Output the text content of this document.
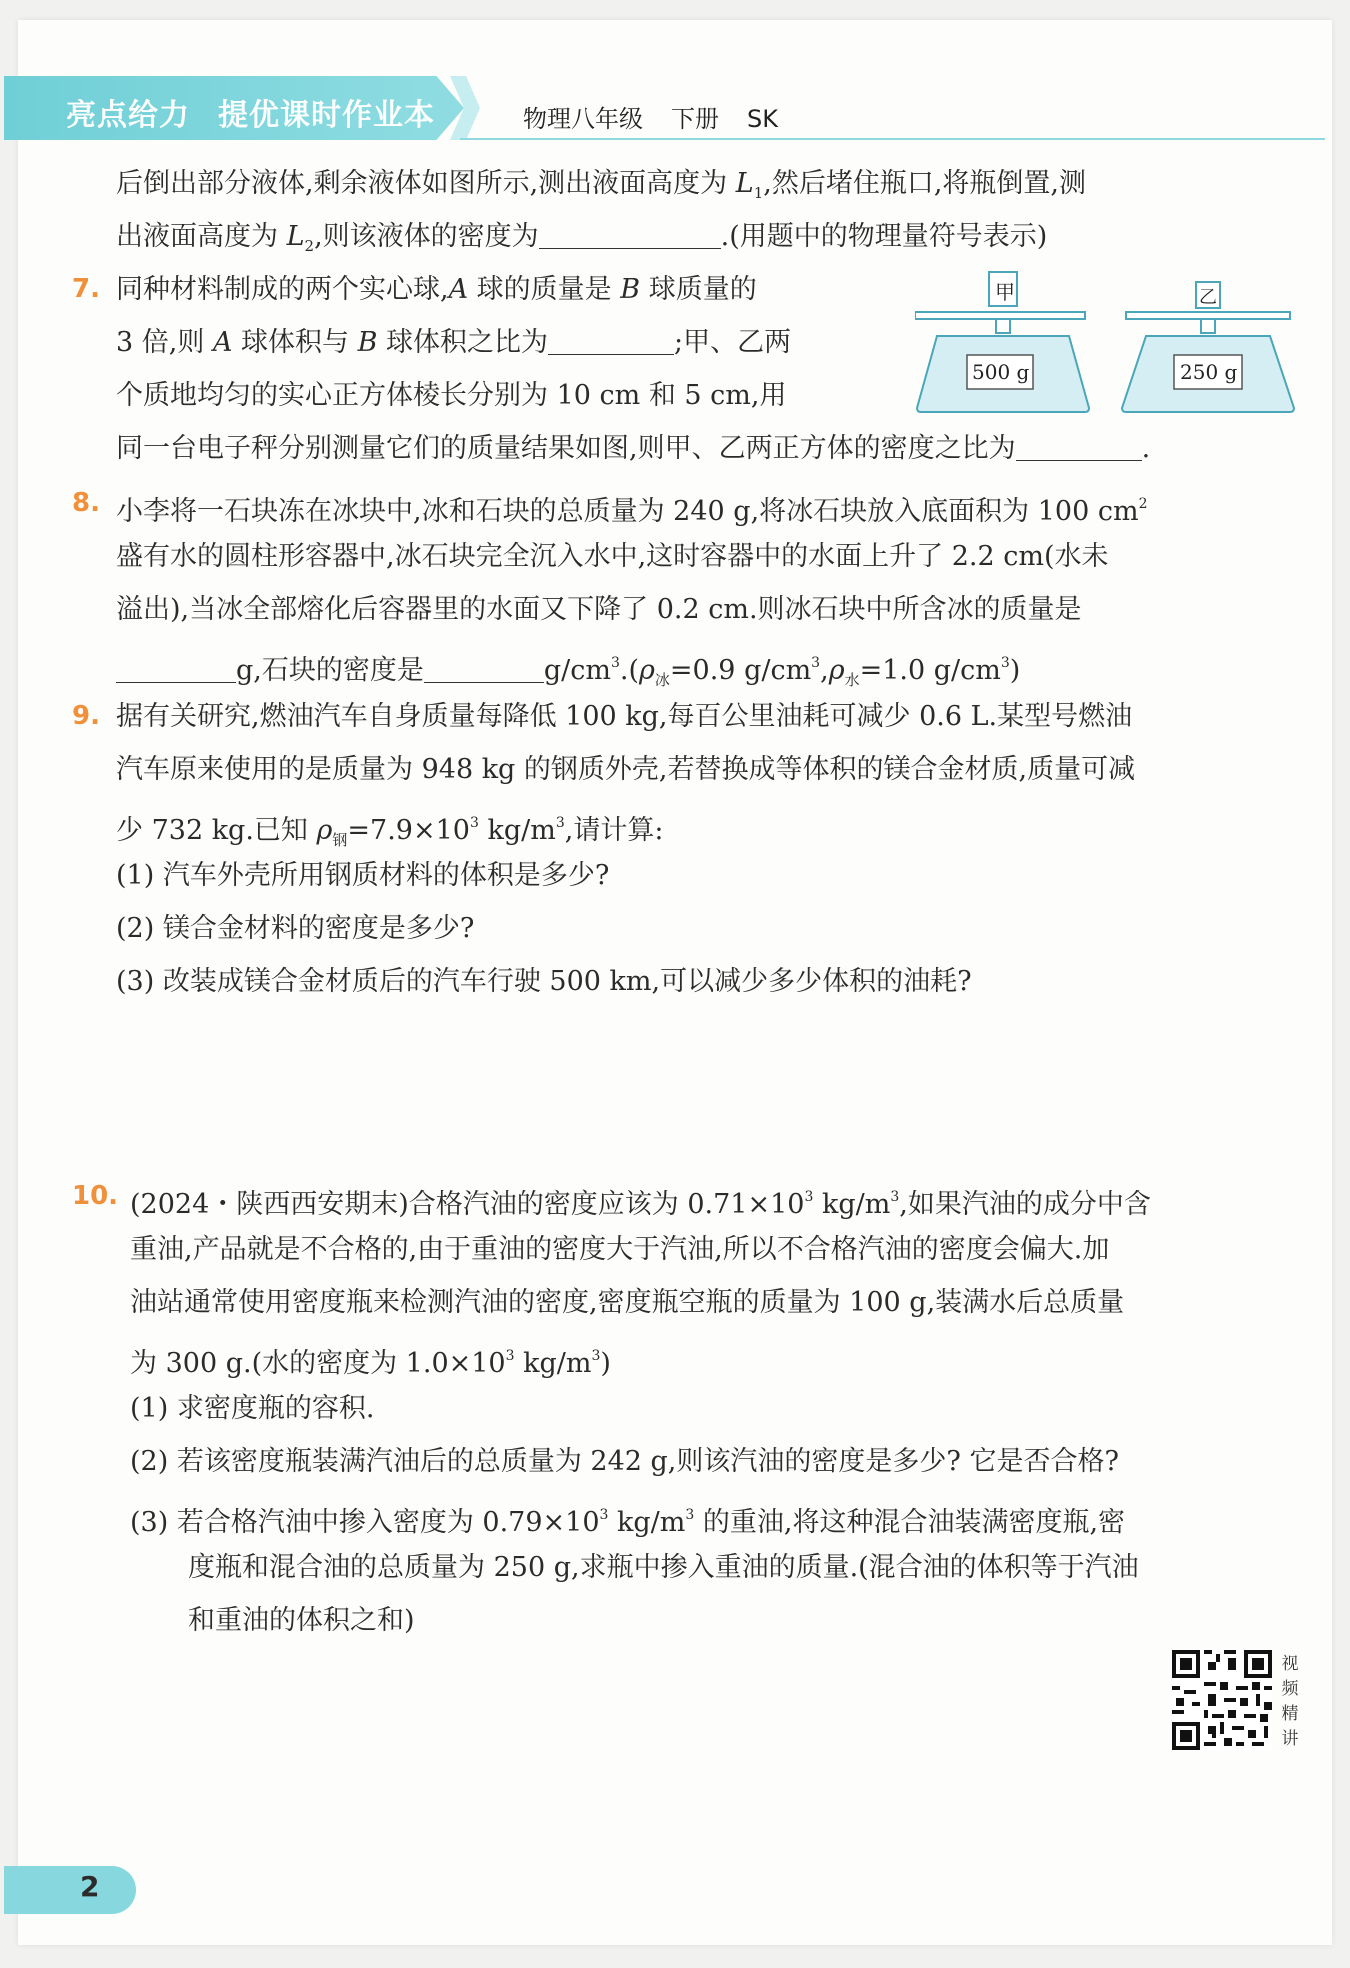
亮点给力 提优课时作业本	物理八年级 下册 SK
后倒出部分液体,剩余液体如图所示,测出液面高度为 $L_1$,然后堵住瓶口,将瓶倒置,测
出液面高度为 $L_2$,则该液体的密度为	.(用题中的物理量符号表示)
7. 同种材料制成的两个实心球,A 球的质量是 B 球质量的
3 倍,则 A 球体积与 B 球体积之比为	;甲、乙两
个质地均匀的实心正方体棱长分别为 10 cm 和 5 cm,用
同一台电子秤分别测量它们的质量结果如图,则甲、乙两正方体的密度之比为	.
甲
500 g
乙
250 g
8. 小李将一石块冻在冰块中,冰和石块的总质量为 240 g,将冰石块放入底面积为 100 $cm^2$
盛有水的圆柱形容器中,冰石块完全沉入水中,这时容器中的水面上升了 2.2 cm(水未
溢出),当冰全部熔化后容器里的水面又下降了 0.2 cm.则冰石块中所含冰的质量是
g,石块的密度是	$g/cm^3.(\rho_冰=0.9$ $g/cm^3,\rho_水=1.0$ $g/cm^3$)
9. 据有关研究,燃油汽车自身质量每降低 100 kg,每百公里油耗可减少 0.6 L.某型号燃油
汽车原来使用的是质量为 948 kg 的钢质外壳,若替换成等体积的镁合金材质,质量可减
少 732 kg.已知 $\rho_钢=7.9\times 10^3$ $kg/m^3$,请计算:
(1) 汽车外壳所用钢质材料的体积是多少?
(2) 镁合金材料的密度是多少?
(3) 改装成镁合金材质后的汽车行驶 500 km,可以减少多少体积的油耗?
10. (2024・陕西西安期末)合格汽油的密度应该为 $0.71\times 10^3$ $kg/m^3$,如果汽油的成分中含
重油,产品就是不合格的,由于重油的密度大于汽油,所以不合格汽油的密度会偏大.加
油站通常使用密度瓶来检测汽油的密度,密度瓶空瓶的质量为 100 g,装满水后总质量
为 300 g.(水的密度为 $1.0\times 10^3$ $kg/m^3$)
(1) 求密度瓶的容积.
(2) 若该密度瓶装满汽油后的总质量为 242 g,则该汽油的密度是多少? 它是否合格?
(3) 若合格汽油中掺入密度为 $0.79\times 10^3$ $kg/m^3$ 的重油,将这种混合油装满密度瓶,密
度瓶和混合油的总质量为 250 g,求瓶中掺入重油的质量.(混合油的体积等于汽油
和重油的体积之和)
视频精讲
2
